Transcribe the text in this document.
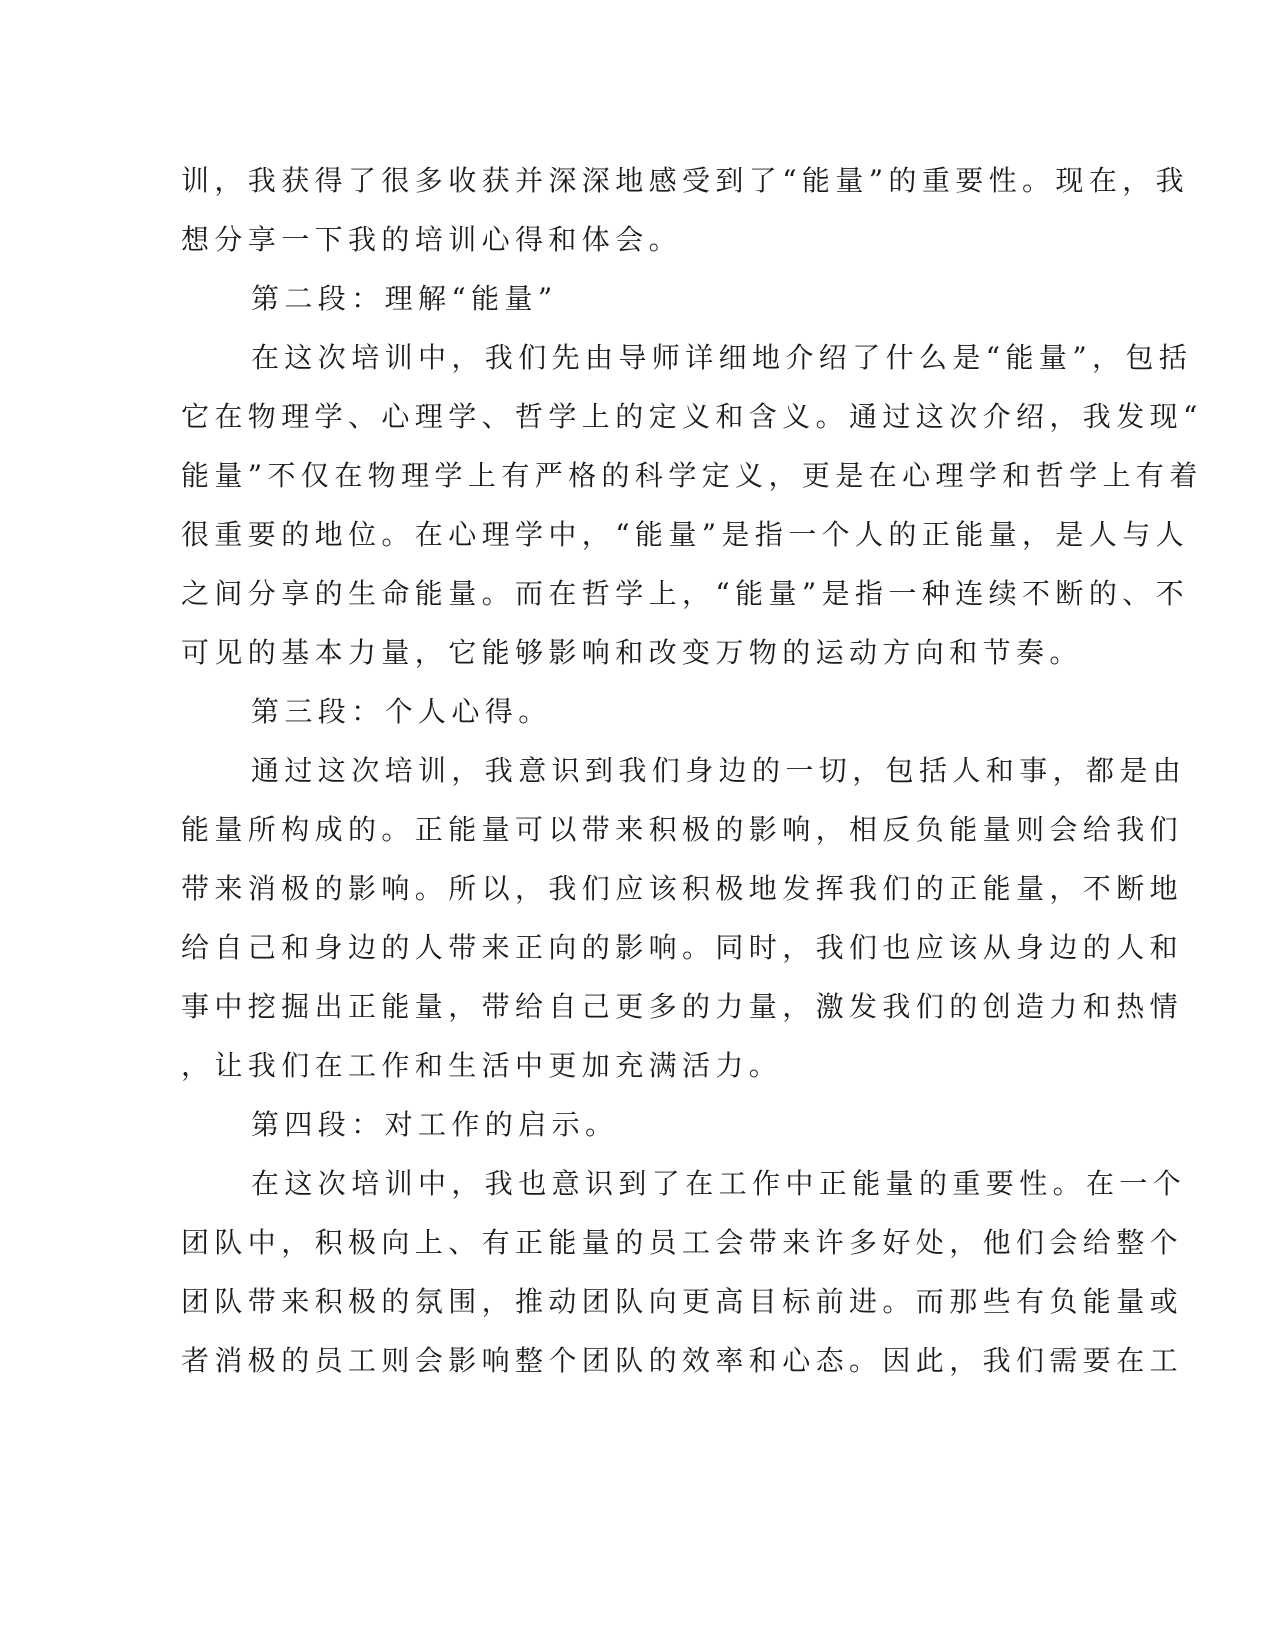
训，我获得了很多收获并深深地感受到了“能量”的重要性。现在，我
想分享一下我的培训心得和体会。
第二段：理解“能量”
在这次培训中，我们先由导师详细地介绍了什么是“能量”，包括
它在物理学、心理学、哲学上的定义和含义。通过这次介绍，我发现“
能量”不仅在物理学上有严格的科学定义，更是在心理学和哲学上有着
很重要的地位。在心理学中，“能量”是指一个人的正能量，是人与人
之间分享的生命能量。而在哲学上，“能量”是指一种连续不断的、不
可见的基本力量，它能够影响和改变万物的运动方向和节奏。
第三段：个人心得。
通过这次培训，我意识到我们身边的一切，包括人和事，都是由
能量所构成的。正能量可以带来积极的影响，相反负能量则会给我们
带来消极的影响。所以，我们应该积极地发挥我们的正能量，不断地
给自己和身边的人带来正向的影响。同时，我们也应该从身边的人和
事中挖掘出正能量，带给自己更多的力量，激发我们的创造力和热情
，让我们在工作和生活中更加充满活力。
第四段：对工作的启示。
在这次培训中，我也意识到了在工作中正能量的重要性。在一个
团队中，积极向上、有正能量的员工会带来许多好处，他们会给整个
团队带来积极的氛围，推动团队向更高目标前进。而那些有负能量或
者消极的员工则会影响整个团队的效率和心态。因此，我们需要在工
